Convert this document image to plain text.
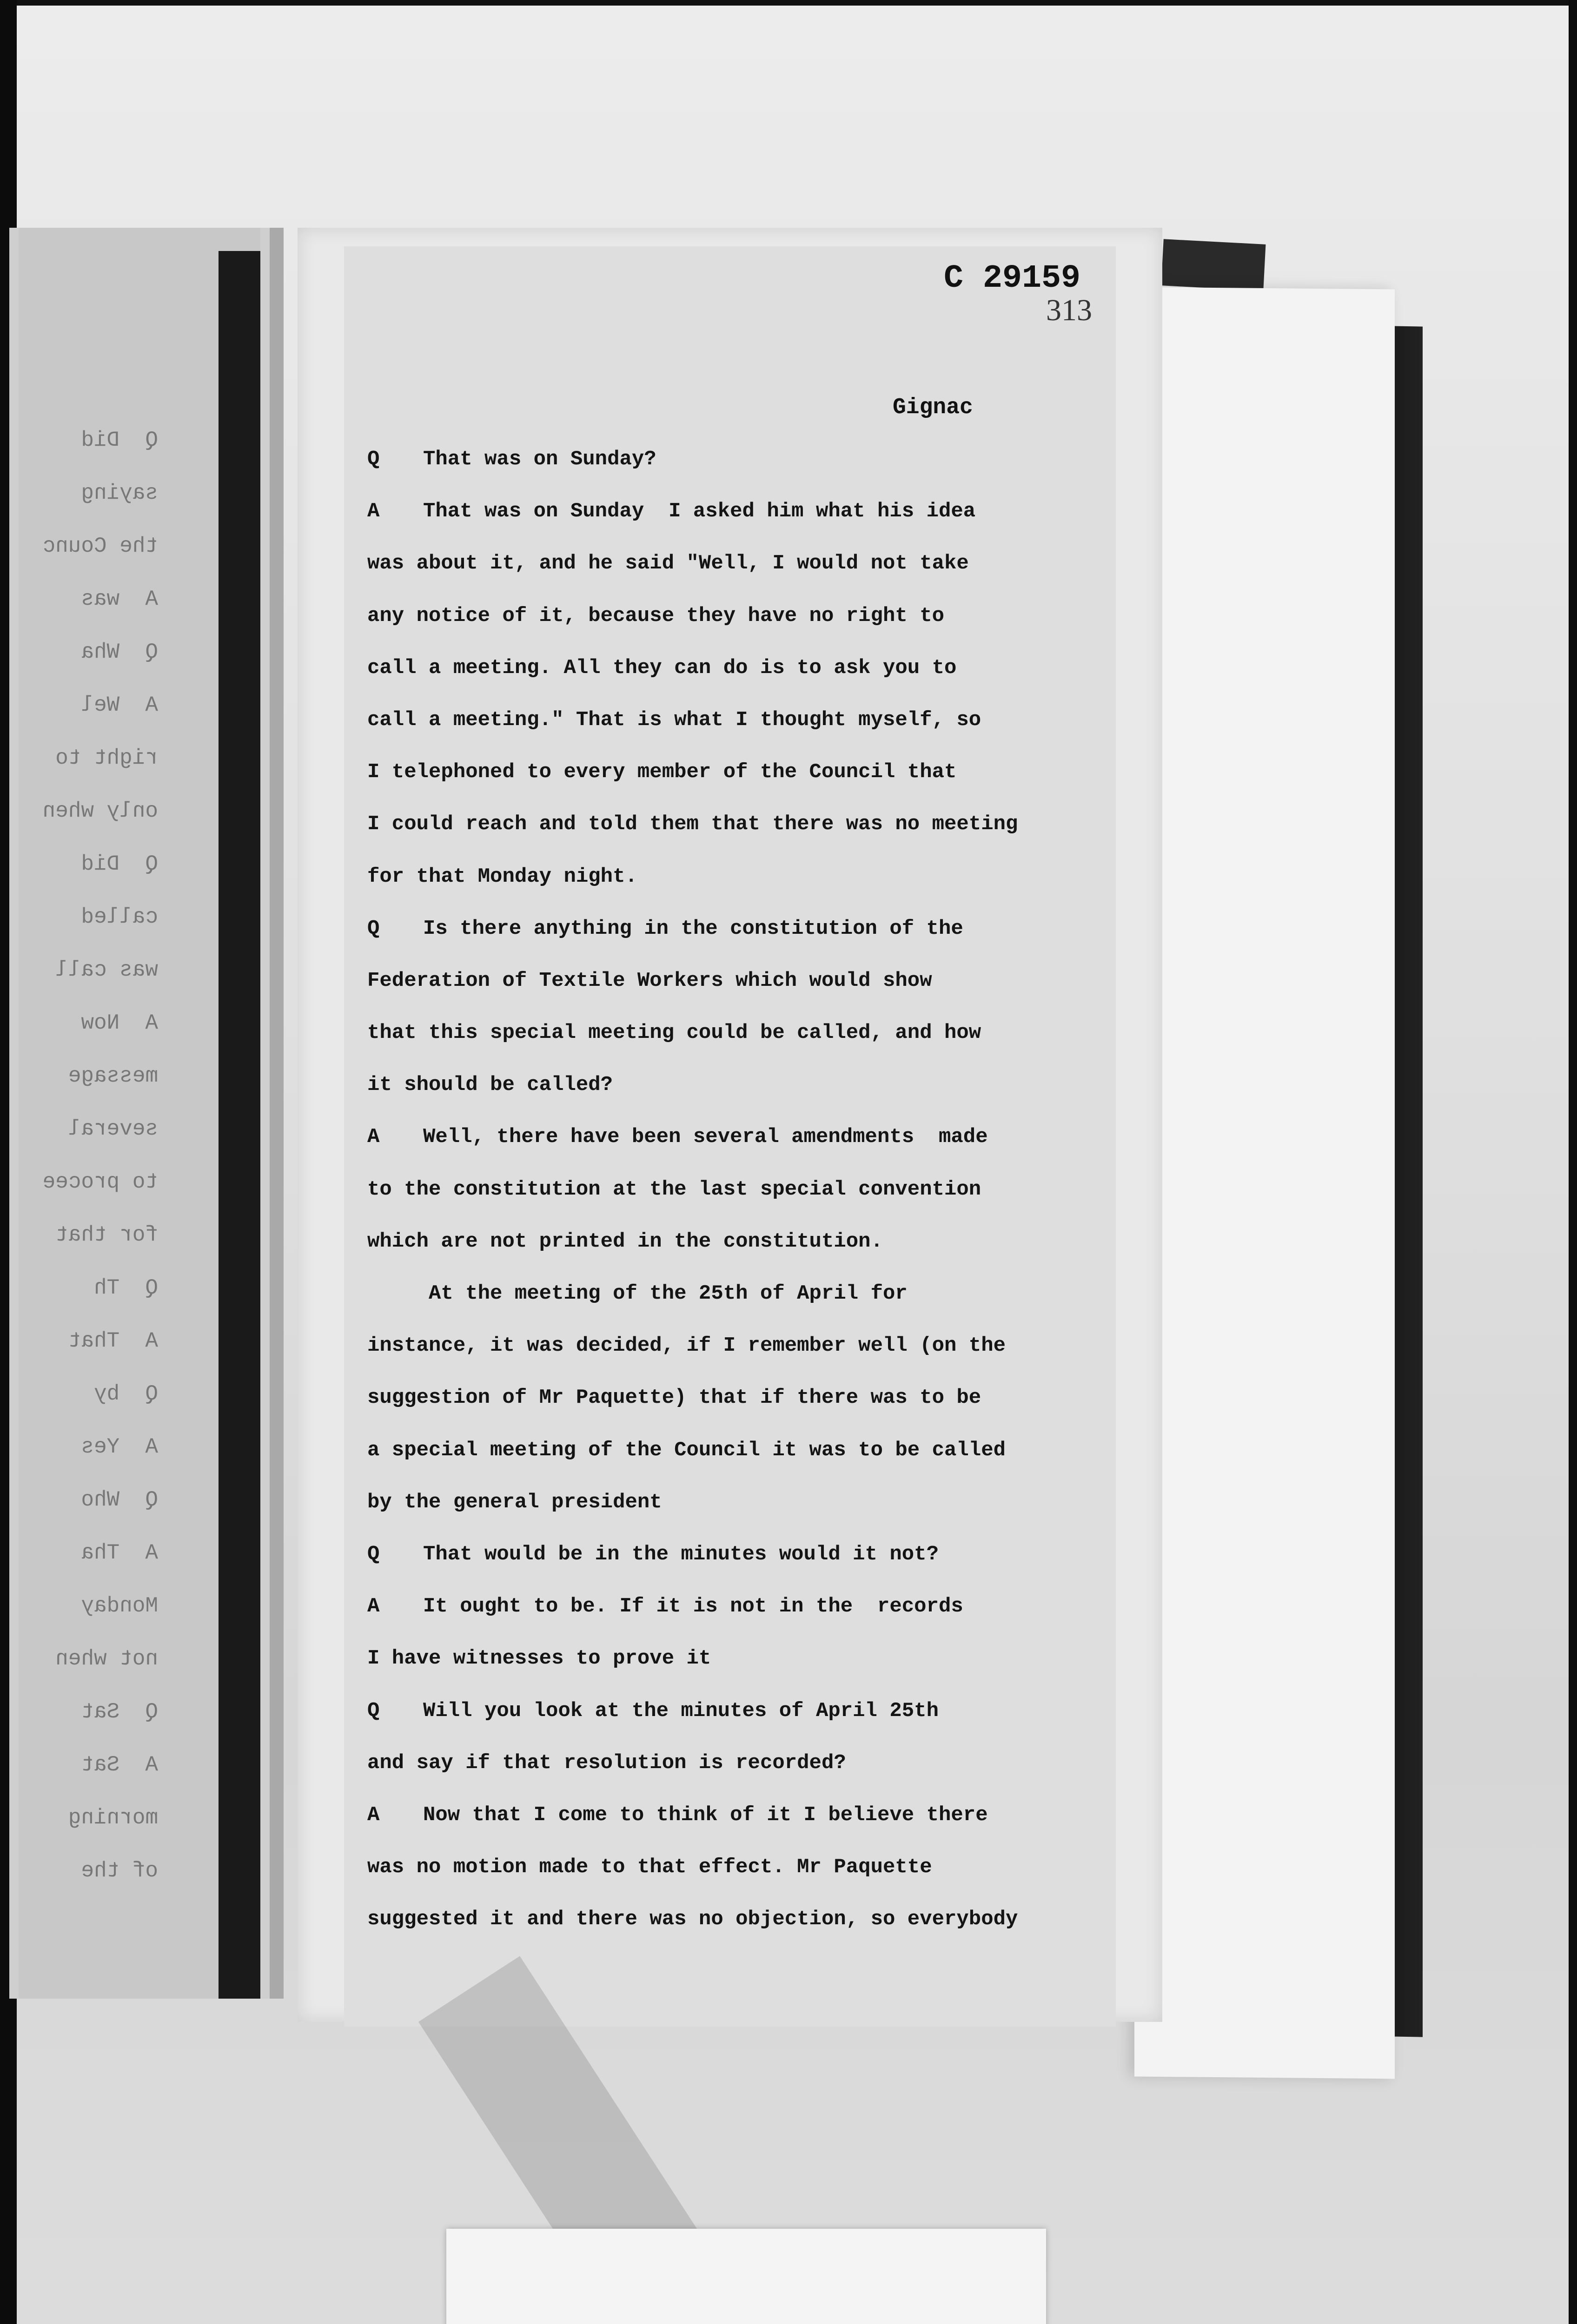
Q  Did
saying
the Counc
A  was
Q  Wha
A  Wel
right to
only when
Q  Did
called
was call
A  Now
message
several
to procee
for that
Q  Th
A  That
Q  by
A  Yes
Q  Who
A  Tha
Monday
not when
Q  Sat
A  Sat
morning
of the
C 29159
313
Gignac
Q That was on Sunday?
A That was on Sunday  I asked him what his idea
was about it, and he said "Well, I would not take
any notice of it, because they have no right to
call a meeting. All they can do is to ask you to
call a meeting." That is what I thought myself, so
I telephoned to every member of the Council that
I could reach and told them that there was no meeting
for that Monday night.
Q Is there anything in the constitution of the
Federation of Textile Workers which would show
that this special meeting could be called, and how
it should be called?
A Well, there have been several amendments  made
to the constitution at the last special convention
which are not printed in the constitution.
At the meeting of the 25th of April for
instance, it was decided, if I remember well (on the
suggestion of Mr Paquette) that if there was to be
a special meeting of the Council it was to be called
by the general president
Q That would be in the minutes would it not?
A It ought to be. If it is not in the  records
I have witnesses to prove it
Q Will you look at the minutes of April 25th
and say if that resolution is recorded?
A Now that I come to think of it I believe there
was no motion made to that effect. Mr Paquette
suggested it and there was no objection, so everybody
